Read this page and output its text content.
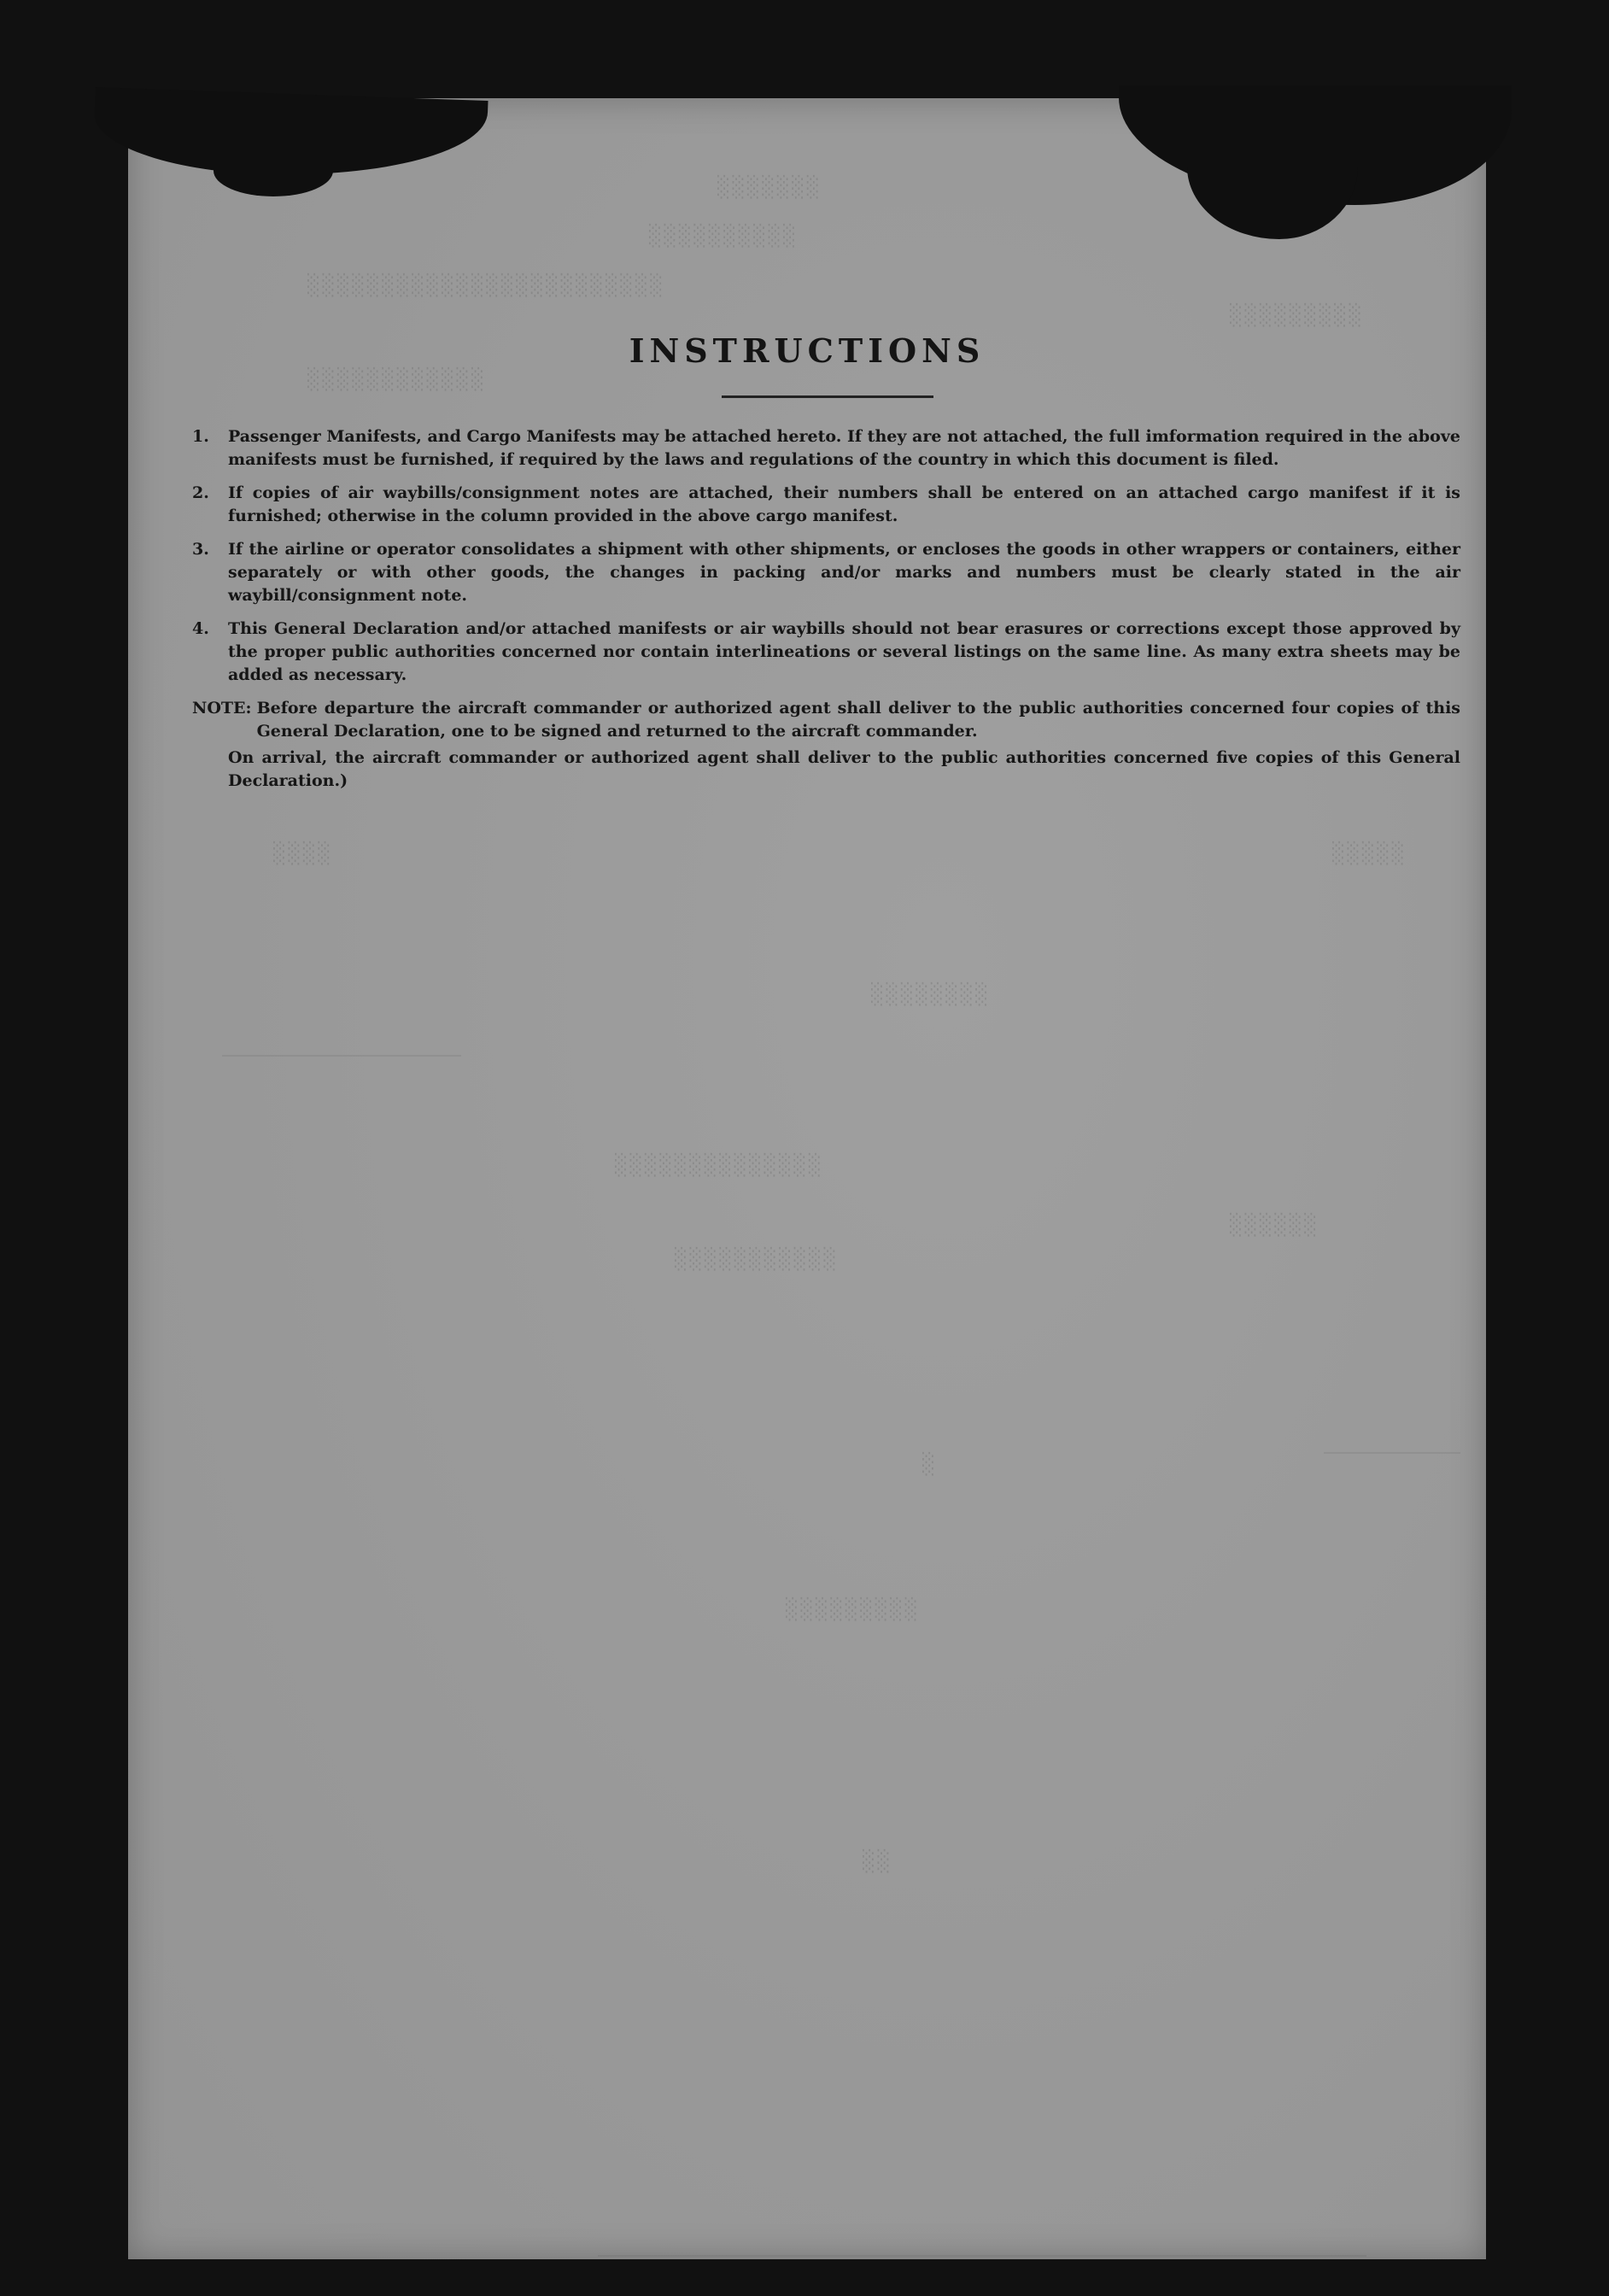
░░░░░░░
░░░░░░░░░░
░░░░░░░░░░░░░░░░░░░░░░░░
░░░░░░░░░
░░░░░░░░░░░░
░░░░	░░░░░
░░░░░░░░
░░░░░░░░░░░░░░
░░░░░░░░░░░
░░░░░░
░
░░░░░░░░░
░░
INSTRUCTIONS
1.	Passenger Manifests, and Cargo Manifests may be attached hereto. If they are not attached, the full imformation required in the above manifests must be furnished, if required by the laws and regulations of the country in which this document is filed.
2.	If copies of air waybills/consignment notes are attached, their numbers shall be entered on an attached cargo manifest if it is furnished; otherwise in the column provided in the above cargo manifest.
3.	If the airline or operator consolidates a shipment with other shipments, or encloses the goods in other wrappers or containers, either separately or with other goods, the changes in packing and/or marks and numbers must be clearly stated in the air waybill/consignment note.
4.	This General Declaration and/or attached manifests or air waybills should not bear erasures or corrections except those approved by the proper public authorities concerned nor contain interlineations or several listings on the same line. As many extra sheets may be added as necessary.
NOTE: Before departure the aircraft commander or authorized agent shall deliver to the public authorities concerned four copies of this General Declaration, one to be signed and returned to the aircraft commander.
On arrival, the aircraft commander or authorized agent shall deliver to the public authorities concerned five copies of this General Declaration.)
